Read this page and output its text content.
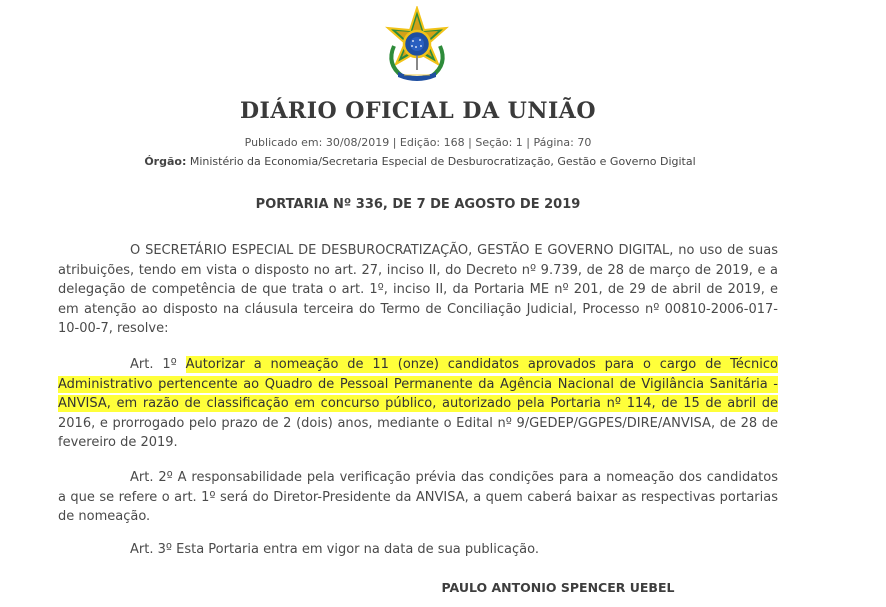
DIÁRIO OFICIAL DA UNIÃO
Publicado em: 30/08/2019 | Edição: 168 | Seção: 1 | Página: 70
Órgão: Ministério da Economia/Secretaria Especial de Desburocratização, Gestão e Governo Digital
PORTARIA Nº 336, DE 7 DE AGOSTO DE 2019

O SECRETÁRIO ESPECIAL DE DESBUROCRATIZAÇÃO, GESTÃO E GOVERNO DIGITAL, no uso de suas atribuições, tendo em vista o disposto no art. 27, inciso II, do Decreto nº 9.739, de 28 de março de 2019, e a delegação de competência de que trata o art. 1º, inciso II, da Portaria ME nº 201, de 29 de abril de 2019, e em atenção ao disposto na cláusula terceira do Termo de Conciliação Judicial, Processo nº 00810-2006-017-10-00-7, resolve:

Art. 1º Autorizar a nomeação de 11 (onze) candidatos aprovados para o cargo de Técnico Administrativo pertencente ao Quadro de Pessoal Permanente da Agência Nacional de Vigilância Sanitária - ANVISA, em razão de classificação em concurso público, autorizado pela Portaria nº 114, de 15 de abril de 2016, e prorrogado pelo prazo de 2 (dois) anos, mediante o Edital nº 9/GEDEP/GGPES/DIRE/ANVISA, de 28 de fevereiro de 2019.

Art. 2º A responsabilidade pela verificação prévia das condições para a nomeação dos candidatos a que se refere o art. 1º será do Diretor-Presidente da ANVISA, a quem caberá baixar as respectivas portarias de nomeação.

Art. 3º Esta Portaria entra em vigor na data de sua publicação.

PAULO ANTONIO SPENCER UEBEL
